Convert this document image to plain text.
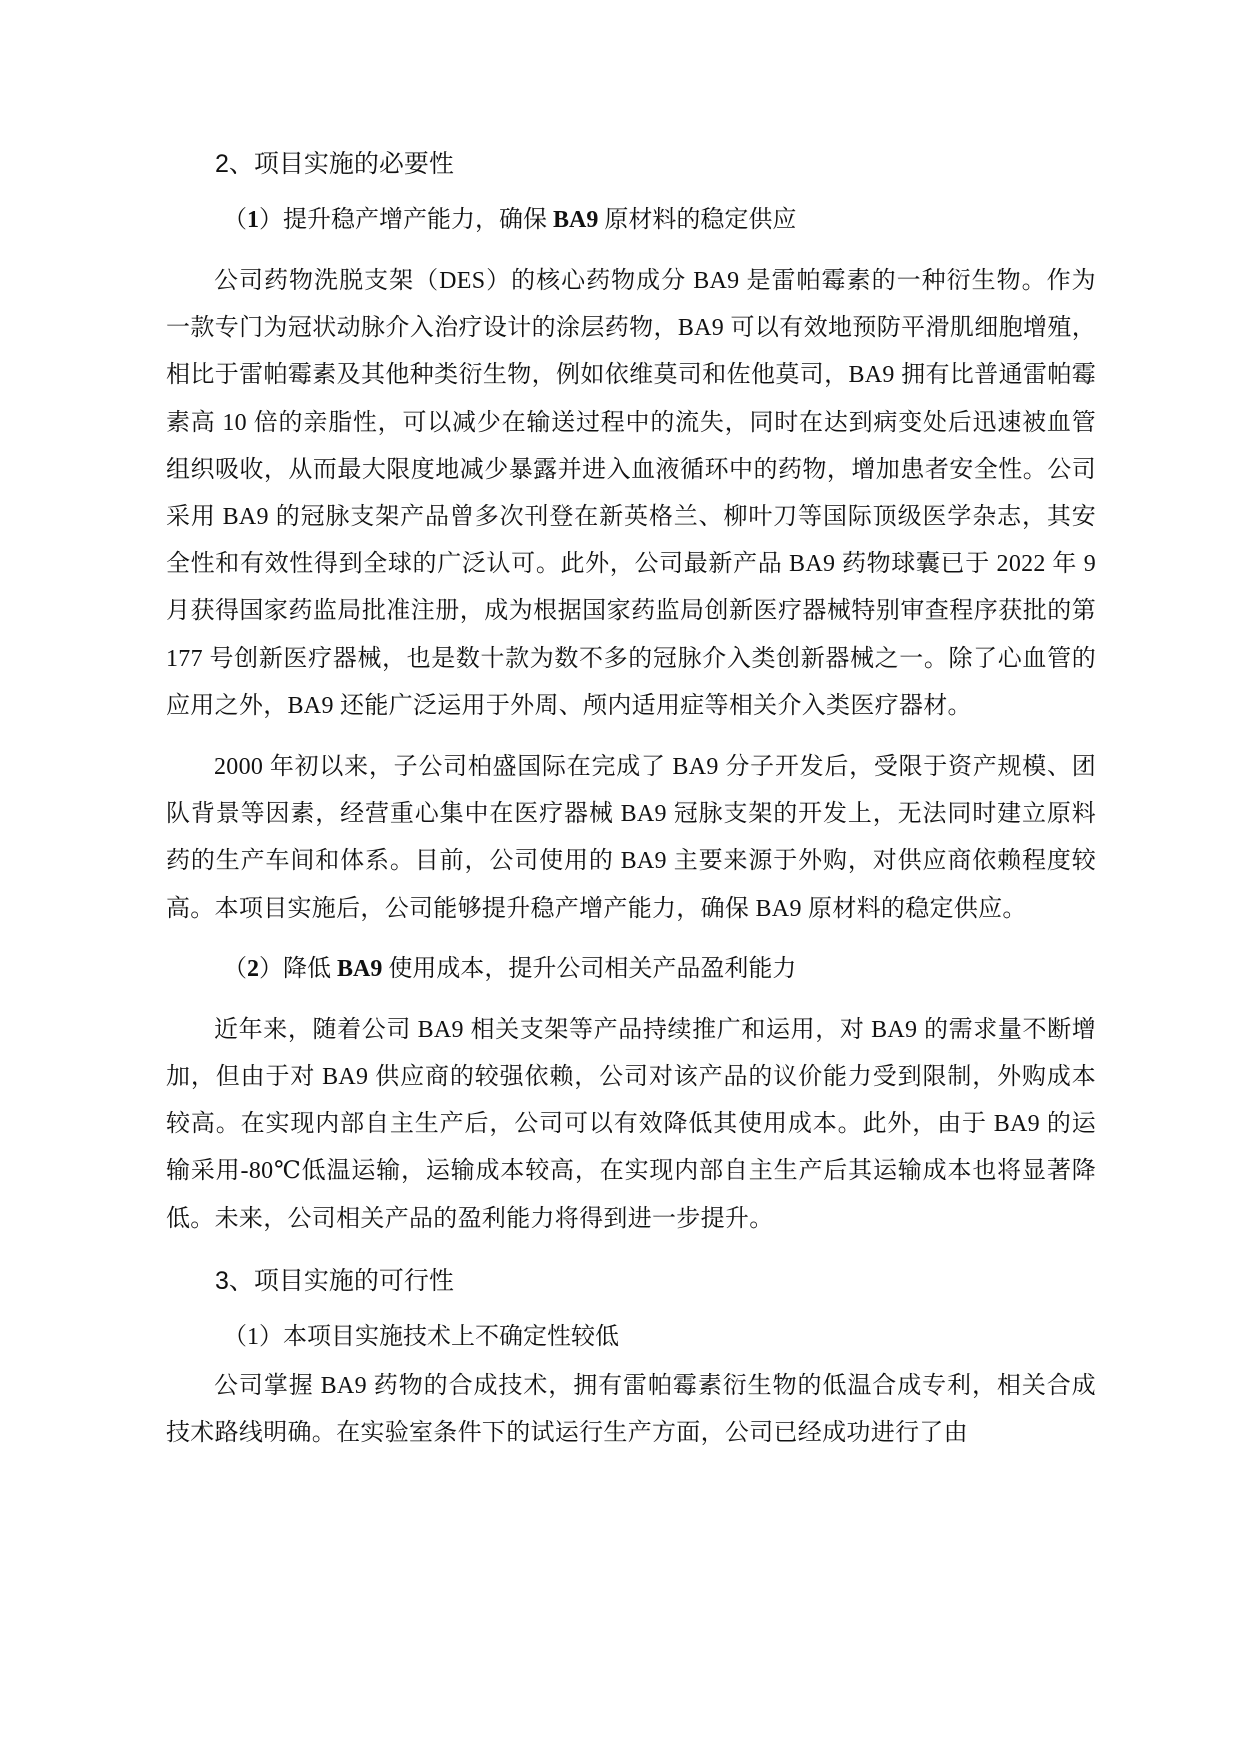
2、项目实施的必要性
（1）提升稳产增产能力，确保 BA9 原材料的稳定供应

公司药物洗脱支架（DES）的核心药物成分 BA9 是雷帕霉素的一种衍生物。作为一款专门为冠状动脉介入治疗设计的涂层药物，BA9 可以有效地预防平滑肌细胞增殖，相比于雷帕霉素及其他种类衍生物，例如依维莫司和佐他莫司，BA9 拥有比普通雷帕霉素高 10 倍的亲脂性，可以减少在输送过程中的流失，同时在达到病变处后迅速被血管组织吸收，从而最大限度地减少暴露并进入血液循环中的药物，增加患者安全性。公司采用 BA9 的冠脉支架产品曾多次刊登在新英格兰、柳叶刀等国际顶级医学杂志，其安全性和有效性得到全球的广泛认可。此外，公司最新产品 BA9 药物球囊已于 2022 年 9 月获得国家药监局批准注册，成为根据国家药监局创新医疗器械特别审查程序获批的第 177 号创新医疗器械，也是数十款为数不多的冠脉介入类创新器械之一。除了心血管的应用之外，BA9 还能广泛运用于外周、颅内适用症等相关介入类医疗器材。

2000 年初以来，子公司柏盛国际在完成了 BA9 分子开发后，受限于资产规模、团队背景等因素，经营重心集中在医疗器械 BA9 冠脉支架的开发上，无法同时建立原料药的生产车间和体系。目前，公司使用的 BA9 主要来源于外购，对供应商依赖程度较高。本项目实施后，公司能够提升稳产增产能力，确保 BA9 原材料的稳定供应。

（2）降低 BA9 使用成本，提升公司相关产品盈利能力

近年来，随着公司 BA9 相关支架等产品持续推广和运用，对 BA9 的需求量不断增加，但由于对 BA9 供应商的较强依赖，公司对该产品的议价能力受到限制，外购成本较高。在实现内部自主生产后，公司可以有效降低其使用成本。此外，由于 BA9 的运输采用-80℃低温运输，运输成本较高，在实现内部自主生产后其运输成本也将显著降低。未来，公司相关产品的盈利能力将得到进一步提升。

3、项目实施的可行性
（1）本项目实施技术上不确定性较低

公司掌握 BA9 药物的合成技术，拥有雷帕霉素衍生物的低温合成专利，相关合成技术路线明确。在实验室条件下的试运行生产方面，公司已经成功进行了由
